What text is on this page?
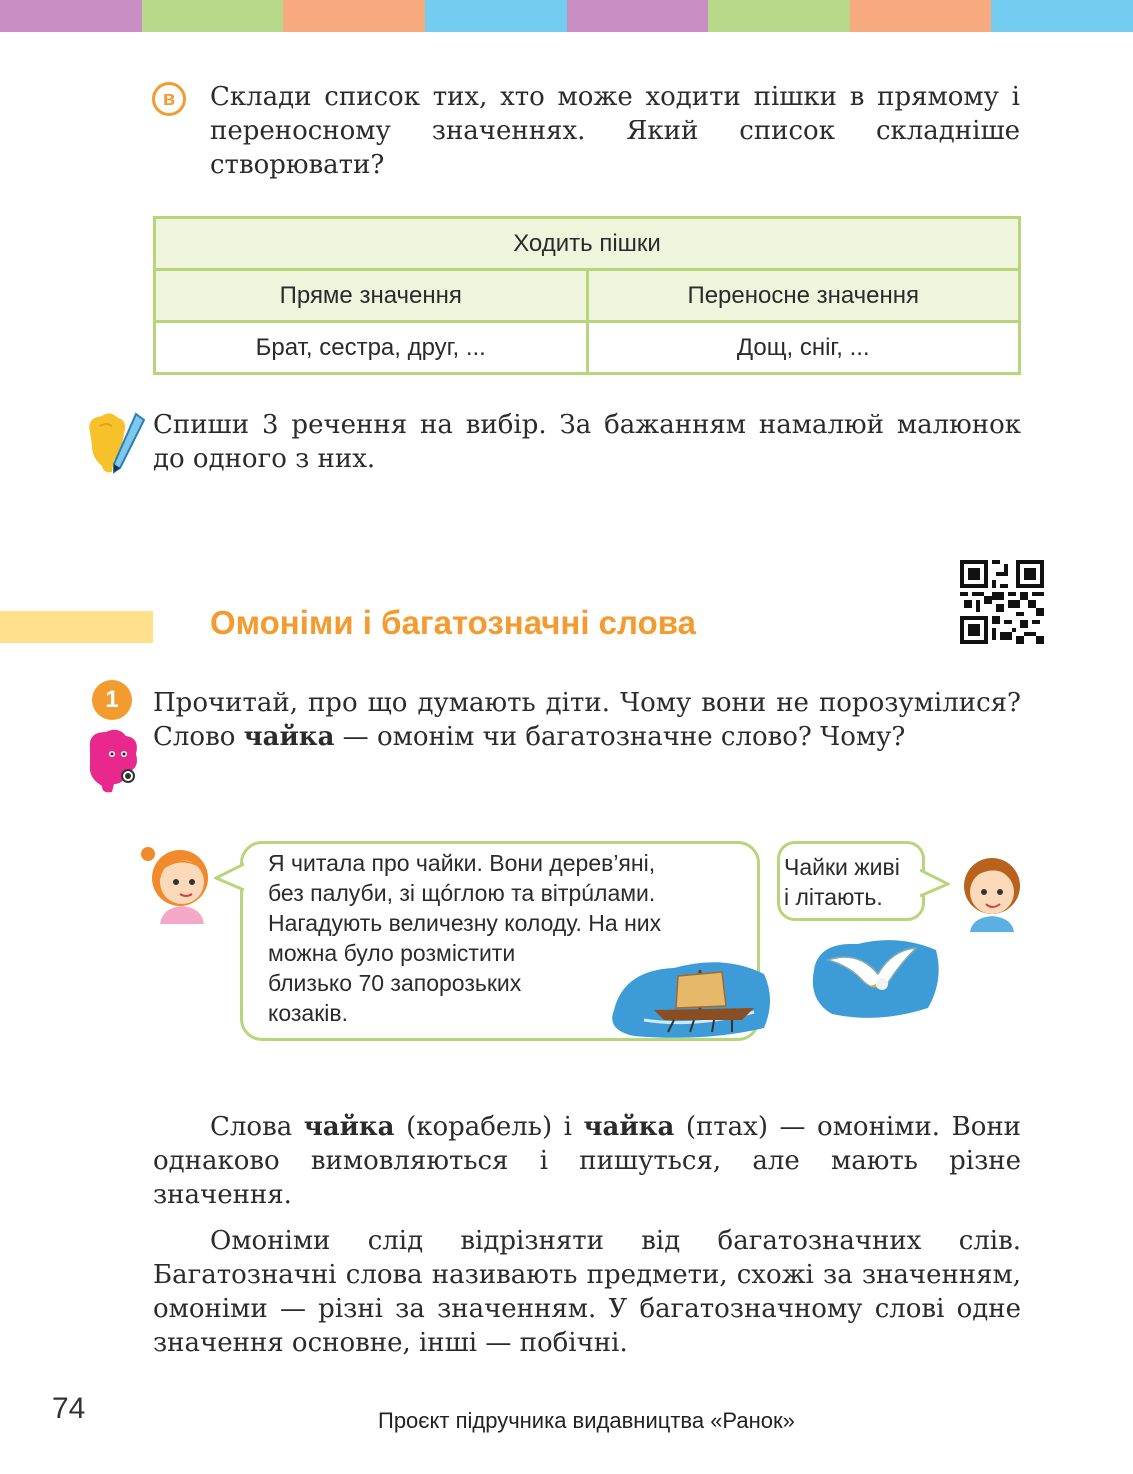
в	Склади список тих, хто може ходити пішки в прямому і переносному значеннях. Який список складніше створювати?

Ходить пішки	
Пряме значення	Переносне значення
Брат, сестра, друг, ...	Дощ, сніг, ...

Спиши 3 речення на вибір. За бажанням намалюй малюнок до одного з них.

Омоніми і багатозначні слова
1	Прочитай, про що думають діти. Чому вони не порозумілися? Слово чайка — омонім чи багатозначне слово? Чому?

Я читала про чайки. Вони дерев’яні,
без палуби, зі щóглою та вітрúлами.
Нагадують величезну колоду. На них
можна було розмістити
близько 70 запорозьких
козаків.
Чайки живі
і літають.

Слова чайка (корабель) і чайка (птах) — омоніми. Вони однаково вимовляються і пишуться, але мають різне значення.

Омоніми слід відрізняти від багатозначних слів. Багатозначні слова називають предмети, схожі за значенням, омоніми — різні за значенням. У багатозначному слові одне значення основне, інші — побічні.

74	Проєкт підручника видавництва «Ранок»
